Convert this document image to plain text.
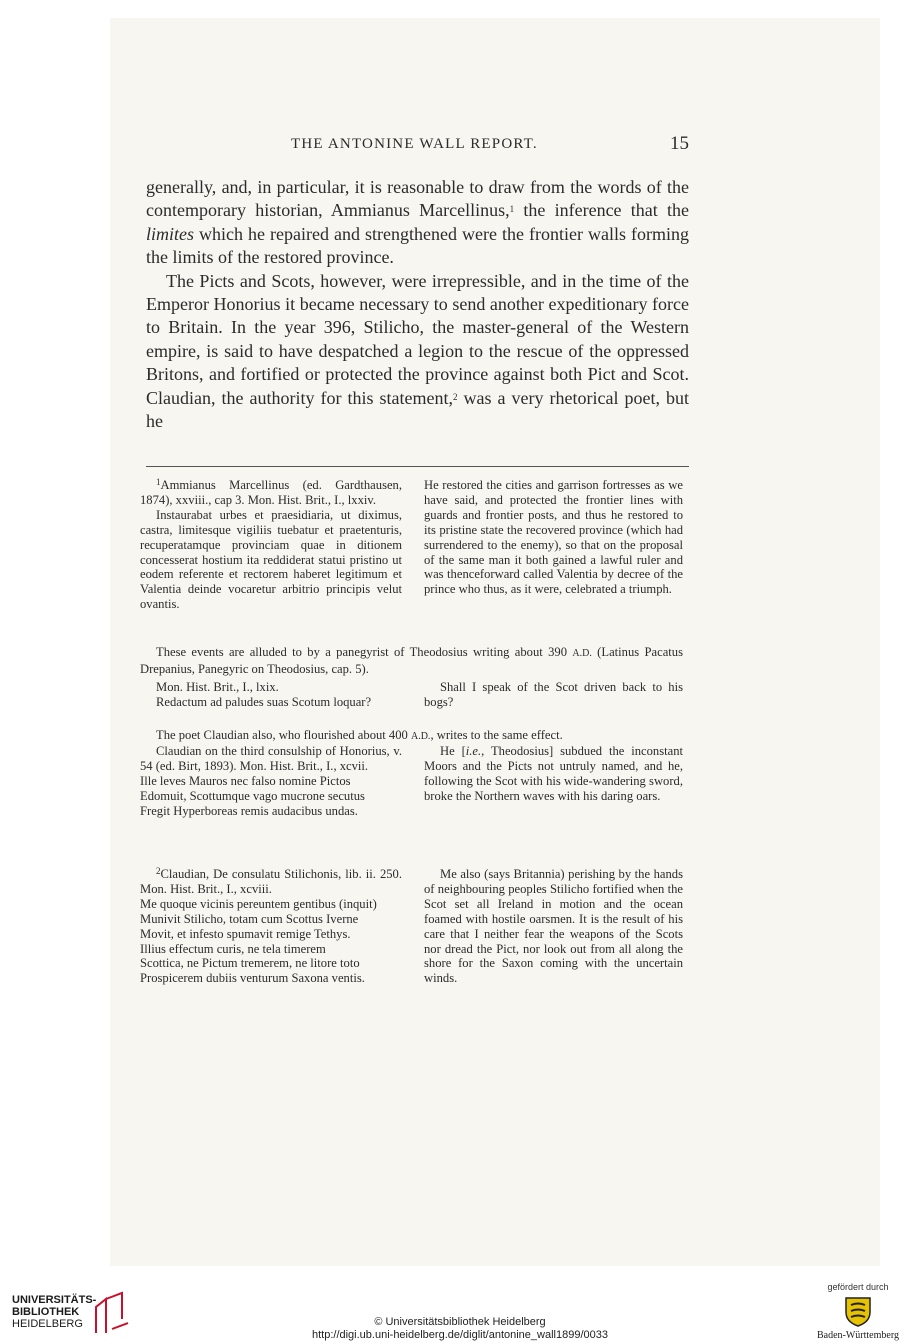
THE ANTONINE WALL REPORT.	15

generally, and, in particular, it is reasonable to draw from the words of the contemporary historian, Ammianus Marcellinus,$^1$ the inference that the limites which he repaired and strengthened were the frontier walls forming the limits of the restored province.

The Picts and Scots, however, were irrepressible, and in the time of the Emperor Honorius it became necessary to send another expeditionary force to Britain. In the year 396, Stilicho, the master-general of the Western empire, is said to have despatched a legion to the rescue of the oppressed Britons, and fortified or protected the province against both Pict and Scot. Claudian, the authority for this statement,$^2$ was a very rhetorical poet, but he

$^1$Ammianus Marcellinus (ed. Gardthausen, 1874), xxviii., cap 3. Mon. Hist. Brit., I., lxxiv.
Instaurabat urbes et praesidiaria, ut diximus, castra, limitesque vigiliis tuebatur et praetenturis, recuperatamque provinciam quae in ditionem concesserat hostium ita reddiderat statui pristino ut eodem referente et rectorem haberet legitimum et Valentia deinde vocaretur arbitrio principis velut ovantis.
He restored the cities and garrison fortresses as we have said, and protected the frontier lines with guards and frontier posts, and thus he restored to its pristine state the recovered province (which had surrendered to the enemy), so that on the proposal of the same man it both gained a lawful ruler and was thenceforward called Valentia by decree of the prince who thus, as it were, celebrated a triumph.
These events are alluded to by a panegyrist of Theodosius writing about 390 A.D. (Latinus Pacatus Drepanius, Panegyric on Theodosius, cap. 5).
Mon. Hist. Brit., I., lxix.
Redactum ad paludes suas Scotum loquar?
Shall I speak of the Scot driven back to his bogs?
The poet Claudian also, who flourished about 400 A.D., writes to the same effect.
Claudian on the third consulship of Honorius, v. 54 (ed. Birt, 1893). Mon. Hist. Brit., I., xcvii.
Ille leves Mauros nec falso nomine Pictos
Edomuit, Scottumque vago mucrone secutus
Fregit Hyperboreas remis audacibus undas.
He [i.e., Theodosius] subdued the inconstant Moors and the Picts not untruly named, and he, following the Scot with his wide-wandering sword, broke the Northern waves with his daring oars.
$^2$Claudian, De consulatu Stilichonis, lib. ii. 250. Mon. Hist. Brit., I., xcviii.
Me quoque vicinis pereuntem gentibus (inquit)
Munivit Stilicho, totam cum Scottus Iverne
Movit, et infesto spumavit remige Tethys.
Illius effectum curis, ne tela timerem
Scottica, ne Pictum tremerem, ne litore toto
Prospicerem dubiis venturum Saxona ventis.
Me also (says Britannia) perishing by the hands of neighbouring peoples Stilicho fortified when the Scot set all Ireland in motion and the ocean foamed with hostile oarsmen. It is the result of his care that I neither fear the weapons of the Scots nor dread the Pict, nor look out from all along the shore for the Saxon coming with the uncertain winds.
UNIVERSITÄTS-
BIBLIOTHEK
HEIDELBERG	© Universitätsbibliothek Heidelberg
http://digi.ub.uni-heidelberg.de/diglit/antonine_wall1899/0033
gefördert durch
Baden-Württemberg
